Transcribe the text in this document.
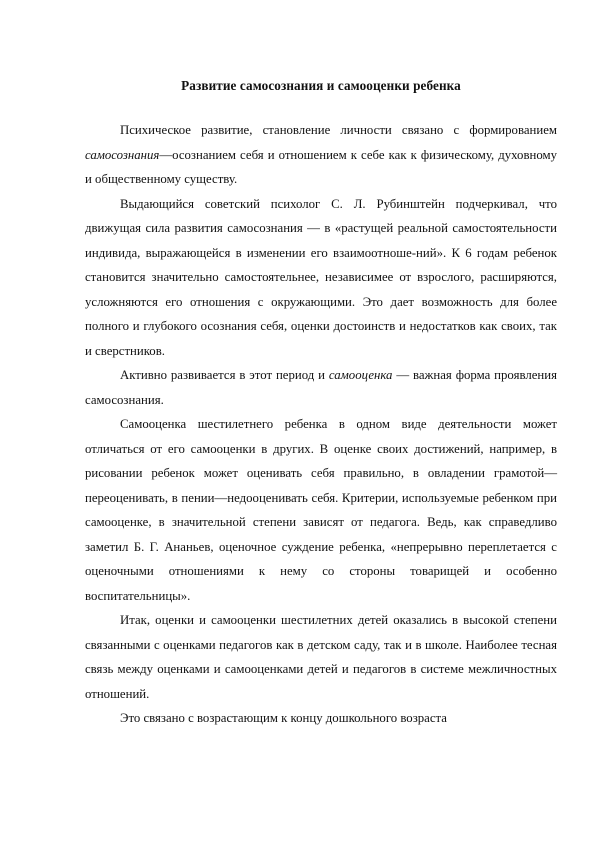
Развитие самосознания и самооценки ребенка

Психическое развитие, становление личности связано с формированием самосознания—осознанием себя и отношением к себе как к физическому, духовному и общественному существу.

Выдающийся советский психолог С. Л. Рубинштейн подчеркивал, что движущая сила развития самосознания — в «растущей реальной самостоятельности индивида, выражающейся в изменении его взаимоотноше-ний». К 6 годам ребенок становится значительно самостоятельнее, независимее от взрослого, расширяются, усложняются его отношения с окружающими. Это дает возможность для более полного и глубокого осознания себя, оценки достоинств и недостатков как своих, так и сверстников.

Активно развивается в этот период и самооценка — важная форма проявления самосознания.

Самооценка шестилетнего ребенка в одном виде деятельности может отличаться от его самооценки в других. В оценке своих достижений, например, в рисовании ребенок может оценивать себя правильно, в овладении грамотой—переоценивать, в пении—недооценивать себя. Критерии, используемые ребенком при самооценке, в значительной степени зависят от педагога. Ведь, как справедливо заметил Б. Г. Ананьев, оценочное суждение ребенка, «непрерывно переплетается с оценочными отношениями к нему со стороны товарищей и особенно воспитательницы».

Итак, оценки и самооценки шестилетних детей оказались в высокой степени связанными с оценками педагогов как в детском саду, так и в школе. Наиболее тесная связь между оценками и самооценками детей и педагогов в системе межличностных отношений.

Это связано с возрастающим к концу дошкольного возраста
